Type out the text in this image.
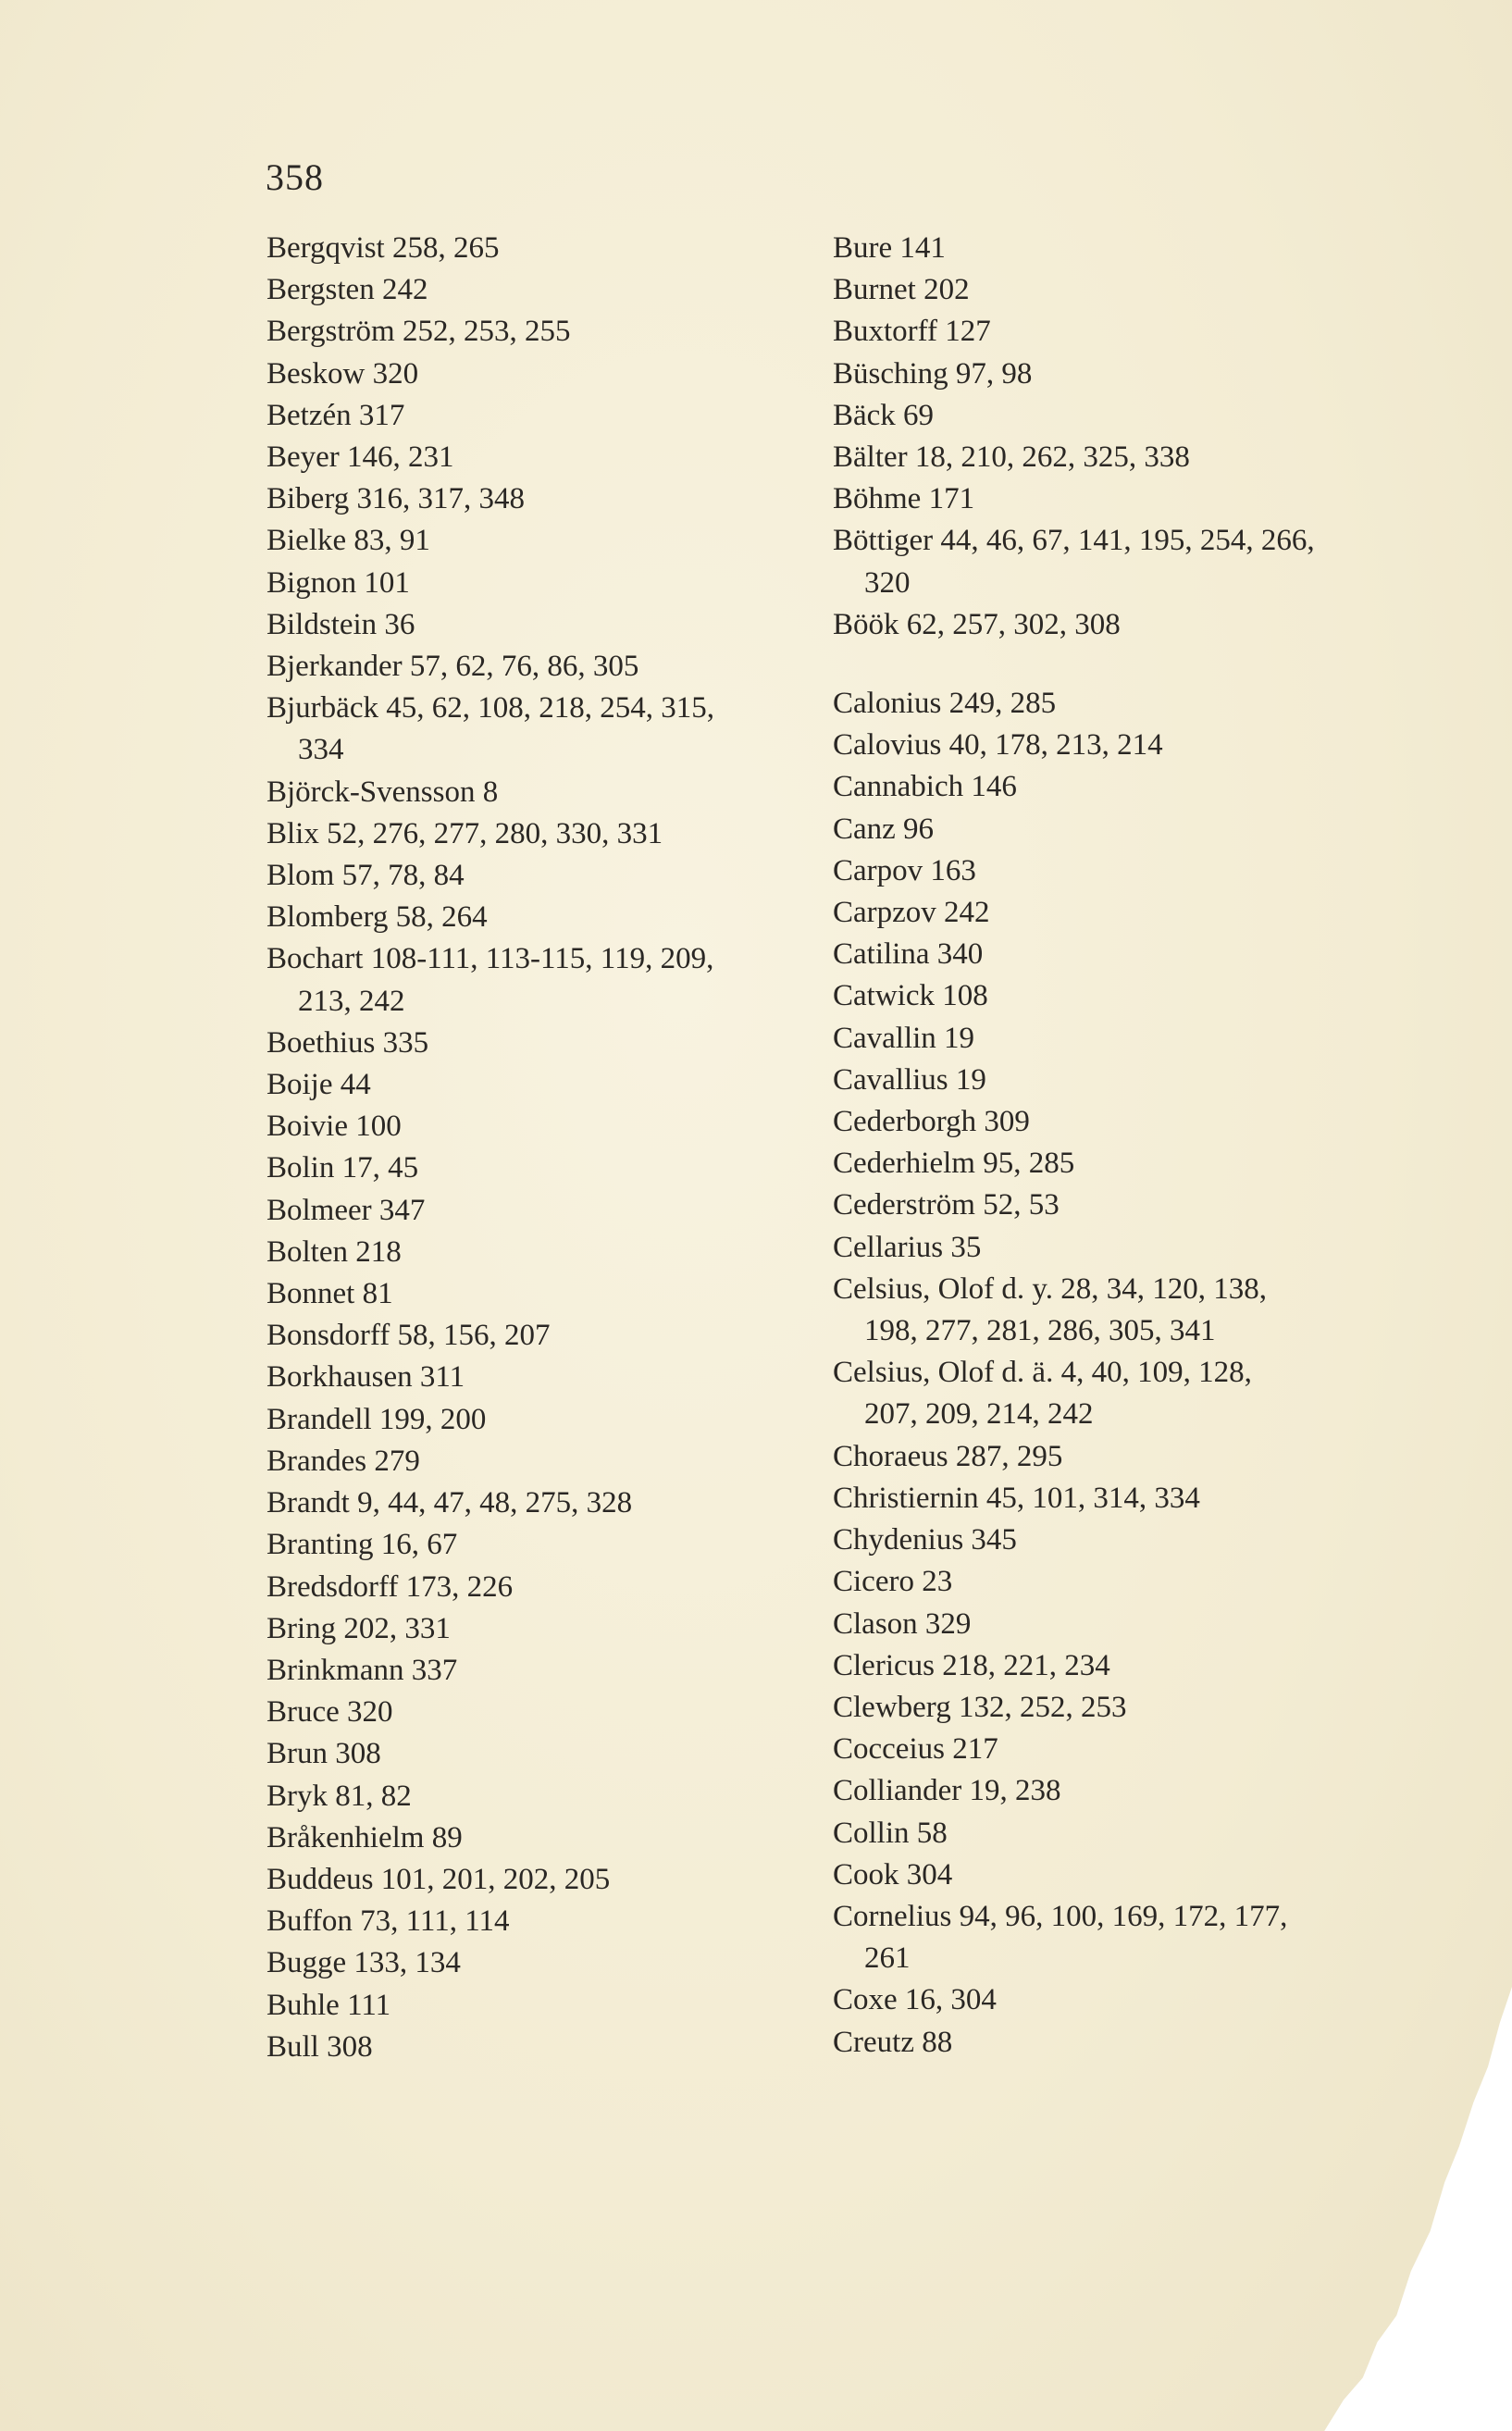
358
Bergqvist 258, 265
Bergsten 242
Bergström 252, 253, 255
Beskow 320
Betzén 317
Beyer 146, 231
Biberg 316, 317, 348
Bielke 83, 91
Bignon 101
Bildstein 36
Bjerkander 57, 62, 76, 86, 305
Bjurbäck 45, 62, 108, 218, 254, 315,
334
Björck-Svensson 8
Blix 52, 276, 277, 280, 330, 331
Blom 57, 78, 84
Blomberg 58, 264
Bochart 108-111, 113-115, 119, 209,
213, 242
Boethius 335
Boije 44
Boivie 100
Bolin 17, 45
Bolmeer 347
Bolten 218
Bonnet 81
Bonsdorff 58, 156, 207
Borkhausen 311
Brandell 199, 200
Brandes 279
Brandt 9, 44, 47, 48, 275, 328
Branting 16, 67
Bredsdorff 173, 226
Bring 202, 331
Brinkmann 337
Bruce 320
Brun 308
Bryk 81, 82
Bråkenhielm 89
Buddeus 101, 201, 202, 205
Buffon 73, 111, 114
Bugge 133, 134
Buhle 111
Bull 308
Bure 141
Burnet 202
Buxtorff 127
Büsching 97, 98
Bäck 69
Bälter 18, 210, 262, 325, 338
Böhme 171
Böttiger 44, 46, 67, 141, 195, 254, 266,
320
Böök 62, 257, 302, 308
Calonius 249, 285
Calovius 40, 178, 213, 214
Cannabich 146
Canz 96
Carpov 163
Carpzov 242
Catilina 340
Catwick 108
Cavallin 19
Cavallius 19
Cederborgh 309
Cederhielm 95, 285
Cederström 52, 53
Cellarius 35
Celsius, Olof d. y. 28, 34, 120, 138,
198, 277, 281, 286, 305, 341
Celsius, Olof d. ä. 4, 40, 109, 128,
207, 209, 214, 242
Choraeus 287, 295
Christiernin 45, 101, 314, 334
Chydenius 345
Cicero 23
Clason 329
Clericus 218, 221, 234
Clewberg 132, 252, 253
Cocceius 217
Colliander 19, 238
Collin 58
Cook 304
Cornelius 94, 96, 100, 169, 172, 177,
261
Coxe 16, 304
Creutz 88
